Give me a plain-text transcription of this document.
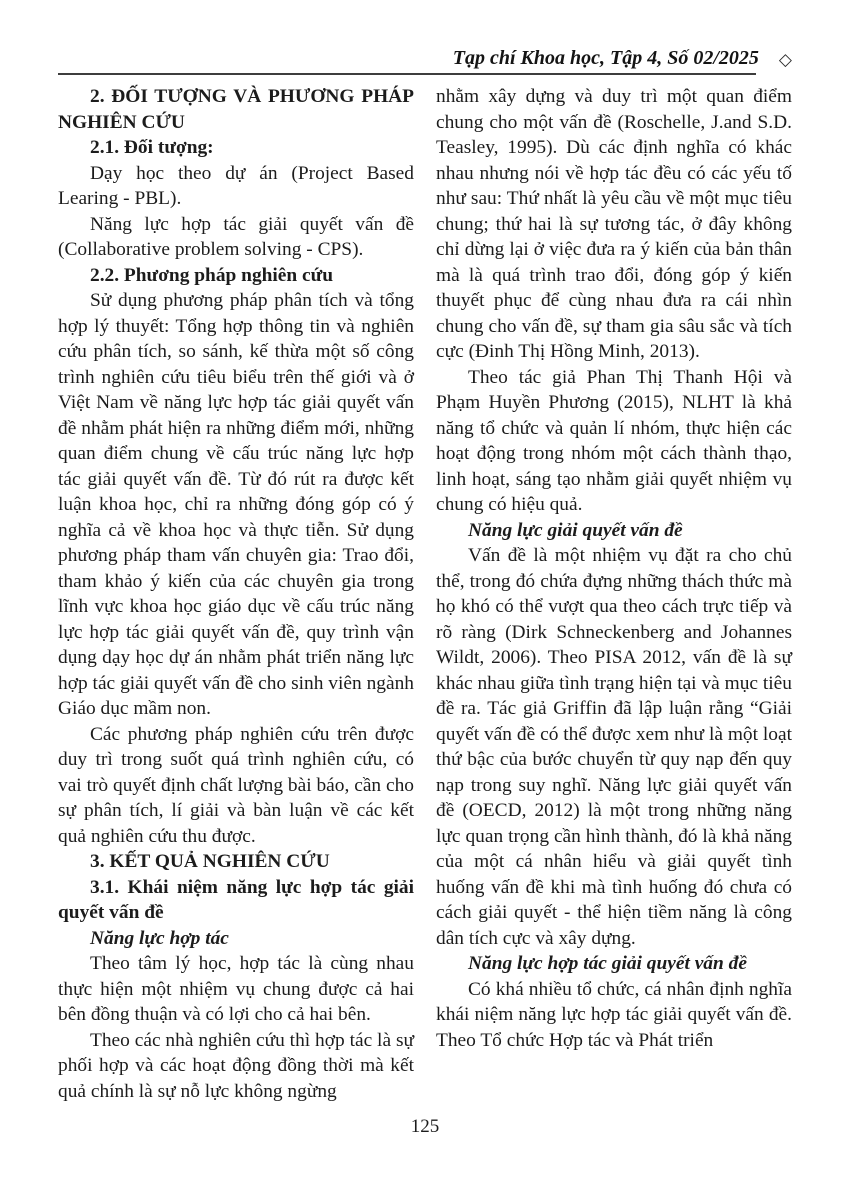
Tạp chí Khoa học, Tập 4, Số 02/2025 ◇

2. ĐỐI TƯỢNG VÀ PHƯƠNG PHÁP NGHIÊN CỨU

2.1. Đối tượng:

Dạy học theo dự án (Project Based Learing - PBL).

Năng lực hợp tác giải quyết vấn đề (Collaborative problem solving - CPS).

2.2. Phương pháp nghiên cứu

Sử dụng phương pháp phân tích và tổng hợp lý thuyết: Tổng hợp thông tin và nghiên cứu phân tích, so sánh, kế thừa một số công trình nghiên cứu tiêu biểu trên thế giới và ở Việt Nam về năng lực hợp tác giải quyết vấn đề nhằm phát hiện ra những điểm mới, những quan điểm chung về cấu trúc năng lực hợp tác giải quyết vấn đề. Từ đó rút ra được kết luận khoa học, chỉ ra những đóng góp có ý nghĩa cả về khoa học và thực tiễn. Sử dụng phương pháp tham vấn chuyên gia: Trao đổi, tham khảo ý kiến của các chuyên gia trong lĩnh vực khoa học giáo dục về cấu trúc năng lực hợp tác giải quyết vấn đề, quy trình vận dụng dạy học dự án nhằm phát triển năng lực hợp tác giải quyết vấn đề cho sinh viên ngành Giáo dục mầm non.

Các phương pháp nghiên cứu trên được duy trì trong suốt quá trình nghiên cứu, có vai trò quyết định chất lượng bài báo, cần cho sự phân tích, lí giải và bàn luận về các kết quả nghiên cứu thu được.

3. KẾT QUẢ NGHIÊN CỨU

3.1. Khái niệm năng lực hợp tác giải quyết vấn đề

Năng lực hợp tác

Theo tâm lý học, hợp tác là cùng nhau thực hiện một nhiệm vụ chung được cả hai bên đồng thuận và có lợi cho cả hai bên.

Theo các nhà nghiên cứu thì hợp tác là sự phối hợp và các hoạt động đồng thời mà kết quả chính là sự nỗ lực không ngừng

nhằm xây dựng và duy trì một quan điểm chung cho một vấn đề (Roschelle, J.and S.D. Teasley, 1995). Dù các định nghĩa có khác nhau nhưng nói về hợp tác đều có các yếu tố như sau: Thứ nhất là yêu cầu về một mục tiêu chung; thứ hai là sự tương tác, ở đây không chỉ dừng lại ở việc đưa ra ý kiến của bản thân mà là quá trình trao đổi, đóng góp ý kiến thuyết phục để cùng nhau đưa ra cái nhìn chung cho vấn đề, sự tham gia sâu sắc và tích cực (Đinh Thị Hồng Minh, 2013).

Theo tác giả Phan Thị Thanh Hội và Phạm Huyền Phương (2015), NLHT là khả năng tổ chức và quản lí nhóm, thực hiện các hoạt động trong nhóm một cách thành thạo, linh hoạt, sáng tạo nhằm giải quyết nhiệm vụ chung có hiệu quả.

Năng lực giải quyết vấn đề

Vấn đề là một nhiệm vụ đặt ra cho chủ thể, trong đó chứa đựng những thách thức mà họ khó có thể vượt qua theo cách trực tiếp và rõ ràng (Dirk Schneckenberg and Johannes Wildt, 2006). Theo PISA 2012, vấn đề là sự khác nhau giữa tình trạng hiện tại và mục tiêu đề ra. Tác giả Griffin đã lập luận rằng “Giải quyết vấn đề có thể được xem như là một loạt thứ bậc của bước chuyển từ quy nạp đến quy nạp trong suy nghĩ. Năng lực giải quyết vấn đề (OECD, 2012) là một trong những năng lực quan trọng cần hình thành, đó là khả năng của một cá nhân hiểu và giải quyết tình huống vấn đề khi mà tình huống đó chưa có cách giải quyết - thể hiện tiềm năng là công dân tích cực và xây dựng.

Năng lực hợp tác giải quyết vấn đề

Có khá nhiều tổ chức, cá nhân định nghĩa khái niệm năng lực hợp tác giải quyết vấn đề. Theo Tổ chức Hợp tác và Phát triển

125
